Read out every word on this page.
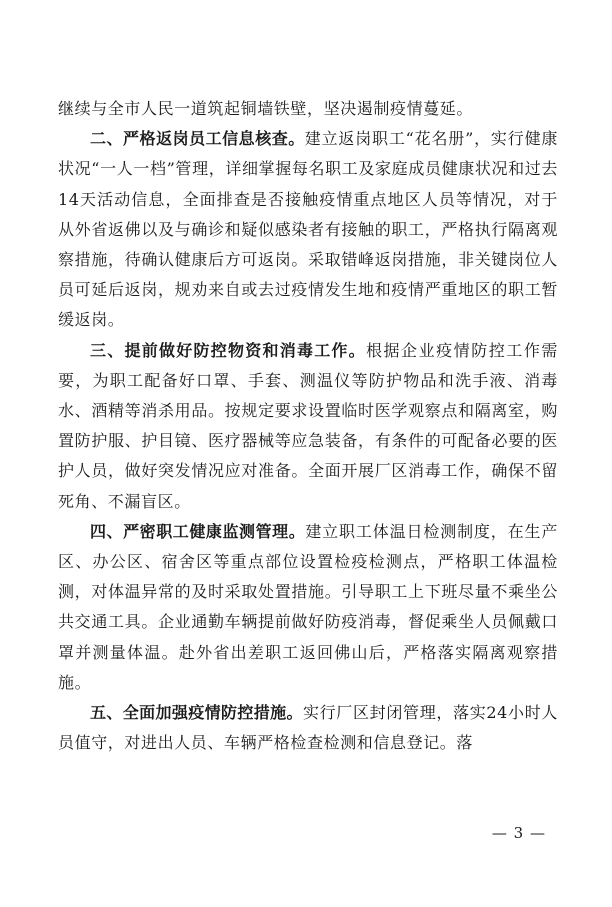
继续与全市人民一道筑起铜墙铁壁，坚决遏制疫情蔓延。

二、严格返岗员工信息核查。建立返岗职工“花名册”，实行健康状况“一人一档”管理，详细掌握每名职工及家庭成员健康状况和过去14天活动信息，全面排查是否接触疫情重点地区人员等情况，对于从外省返佛以及与确诊和疑似感染者有接触的职工，严格执行隔离观察措施，待确认健康后方可返岗。采取错峰返岗措施，非关键岗位人员可延后返岗，规劝来自或去过疫情发生地和疫情严重地区的职工暂缓返岗。

三、提前做好防控物资和消毒工作。根据企业疫情防控工作需要，为职工配备好口罩、手套、测温仪等防护物品和洗手液、消毒水、酒精等消杀用品。按规定要求设置临时医学观察点和隔离室，购置防护服、护目镜、医疗器械等应急装备，有条件的可配备必要的医护人员，做好突发情况应对准备。全面开展厂区消毒工作，确保不留死角、不漏盲区。

四、严密职工健康监测管理。建立职工体温日检测制度，在生产区、办公区、宿舍区等重点部位设置检疫检测点，严格职工体温检测，对体温异常的及时采取处置措施。引导职工上下班尽量不乘坐公共交通工具。企业通勤车辆提前做好防疫消毒，督促乘坐人员佩戴口罩并测量体温。赴外省出差职工返回佛山后，严格落实隔离观察措施。

五、全面加强疫情防控措施。实行厂区封闭管理，落实24小时人员值守，对进出人员、车辆严格检查检测和信息登记。落

— 3 —
